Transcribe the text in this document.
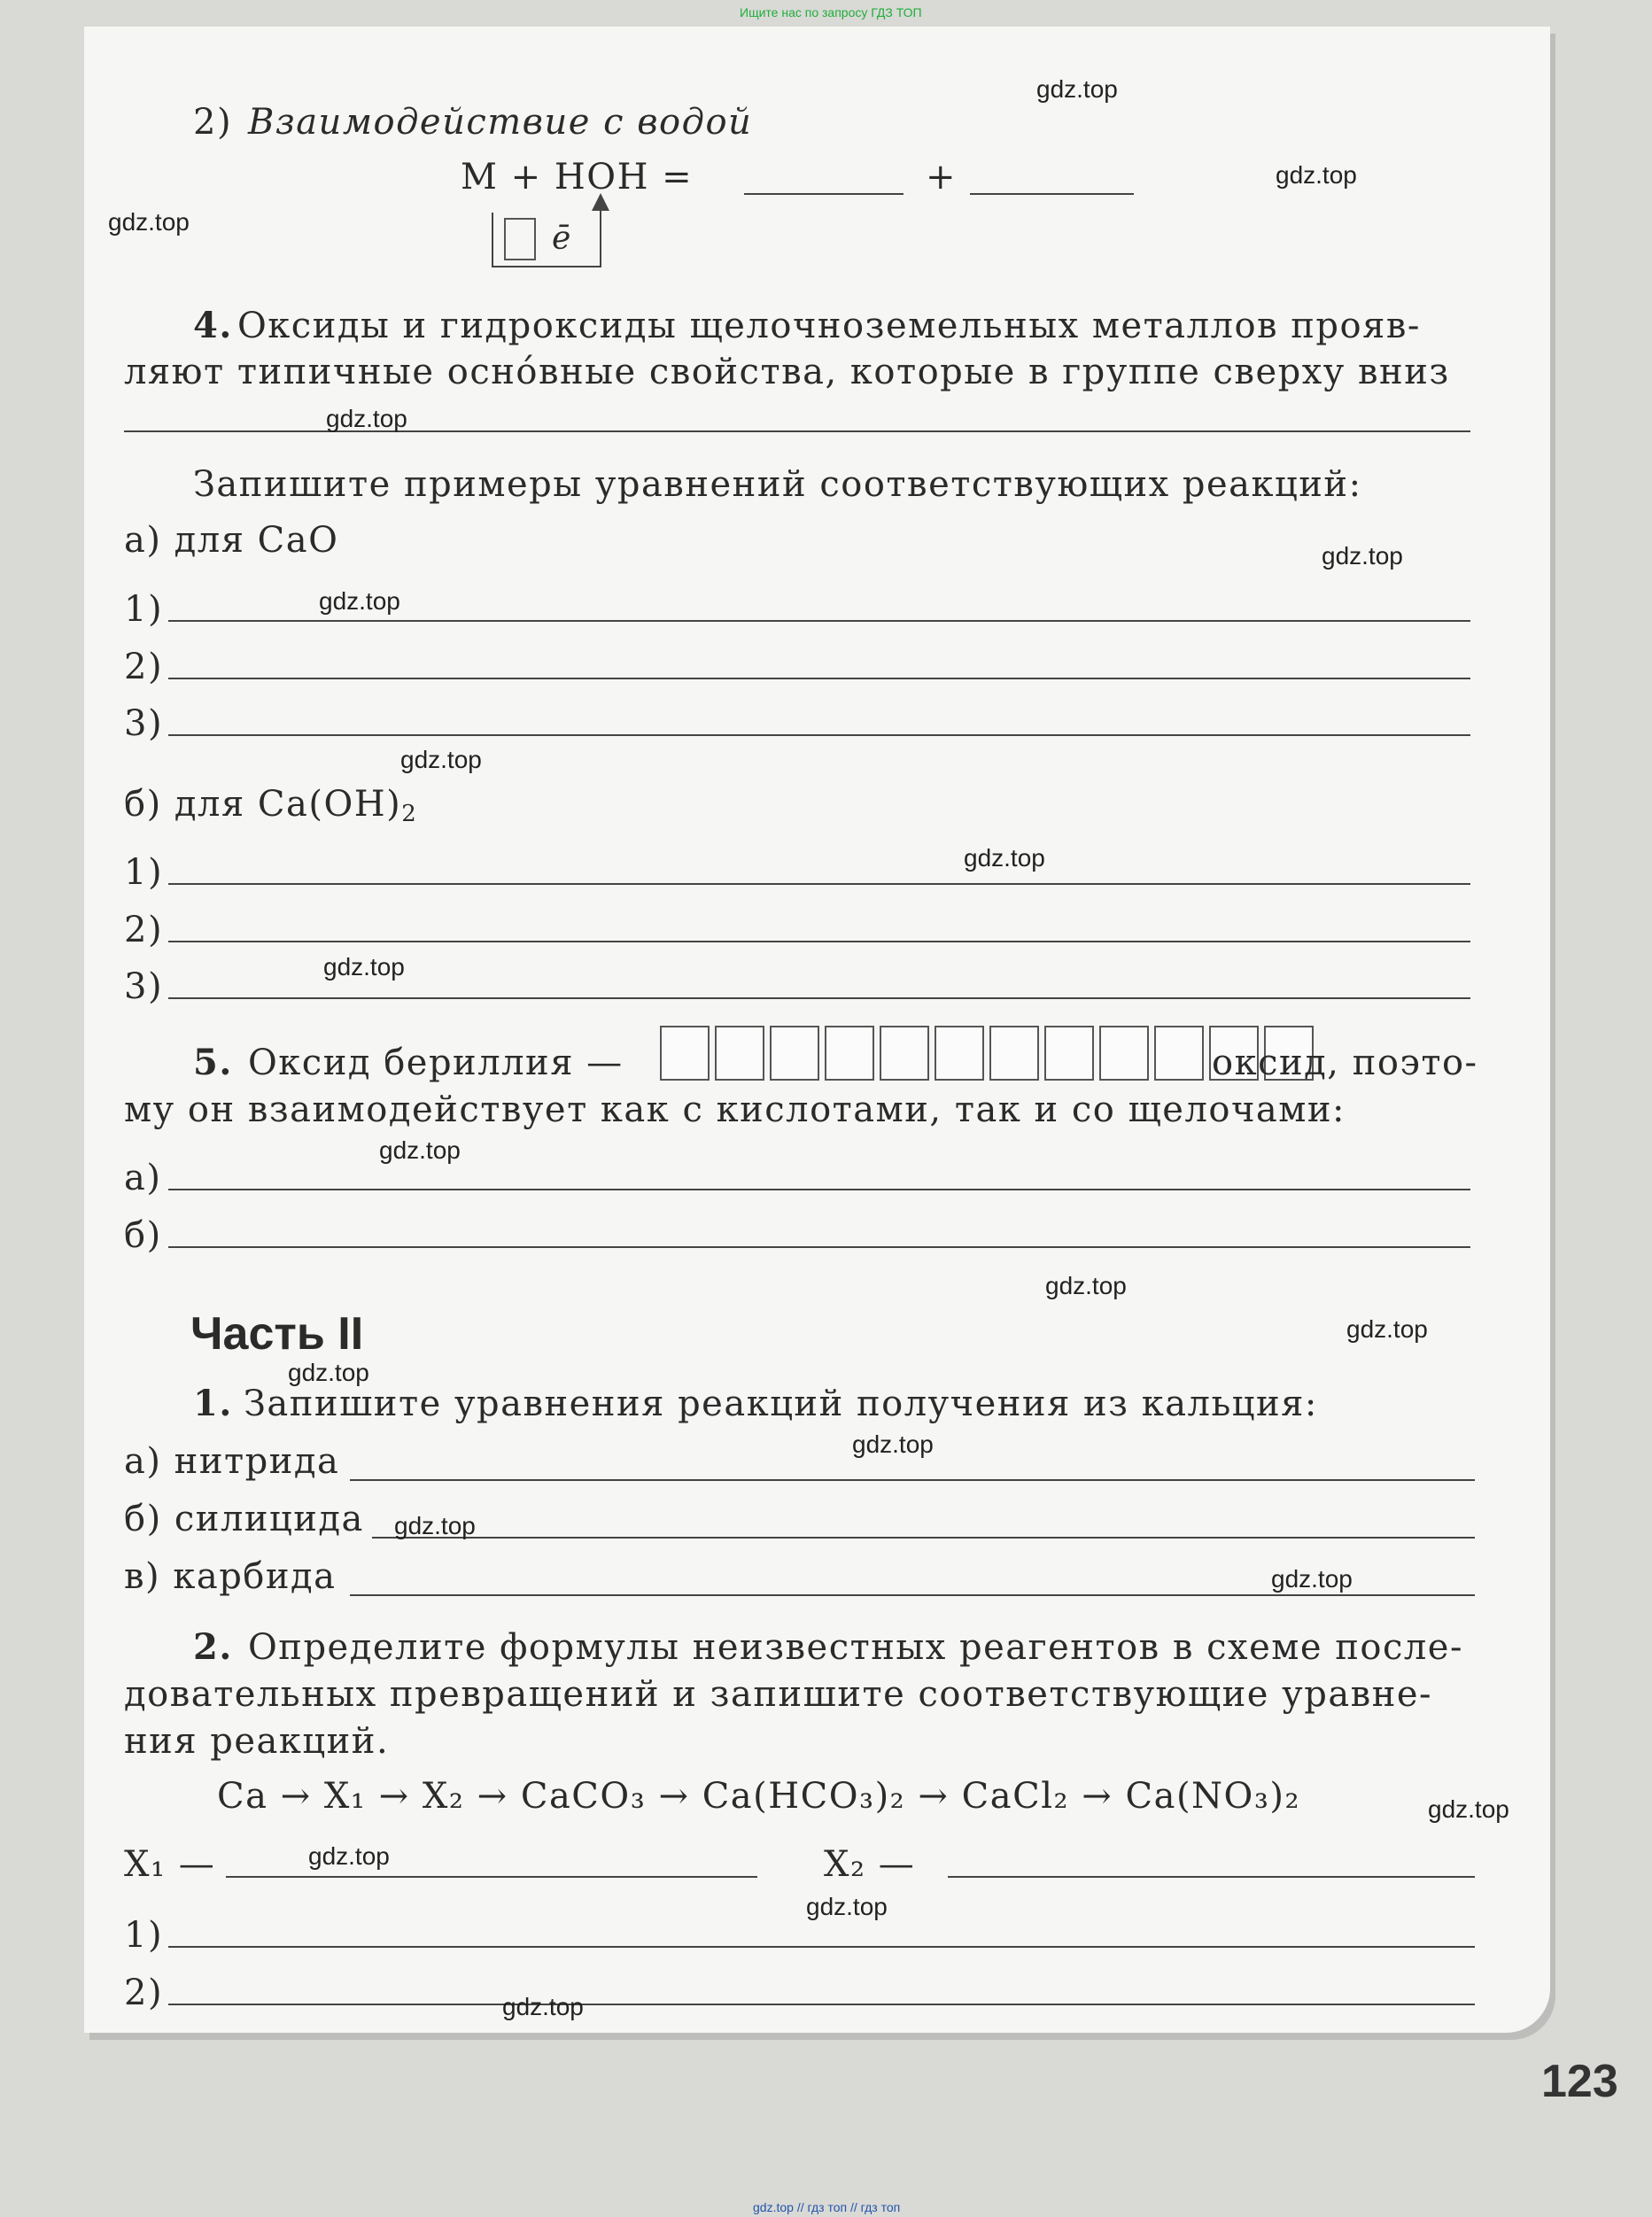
Ищите нас по запросу ГДЗ ТОП
2) Взаимодействие с водой
M + HOH =	+
ē
4. Оксиды и гидроксиды щелочноземельных металлов прояв-
ляют типичные осно́вные свойства, которые в группе сверху вниз
Запишите примеры уравнений соответствующих реакций:
а) для CaO
1)
2)
3)
б) для $Ca(OH)_2$
1)
2)
3)
5. Оксид бериллия —	оксид, поэто-
му он взаимодействует как с кислотами, так и со щелочами:
а)
б)
Часть II
1. Запишите уравнения реакций получения из кальция:
а) нитрида
б) силицида
в) карбида
2. Определите формулы неизвестных реагентов в схеме после-
довательных превращений и запишите соответствующие уравне-
ния реакций.
Ca → X₁ → X₂ → CaCO₃ → Ca(HCO₃)₂ → CaCl₂ → Ca(NO₃)₂
X₁ —	X₂ —
1)
2)
gdz.top
gdz.top
gdz.top
gdz.top
gdz.top
gdz.top
gdz.top
gdz.top
gdz.top
gdz.top
gdz.top
gdz.top
gdz.top
gdz.top
gdz.top
gdz.top
gdz.top
gdz.top
gdz.top
gdz.top
123
gdz.top // гдз топ // гдз топ
